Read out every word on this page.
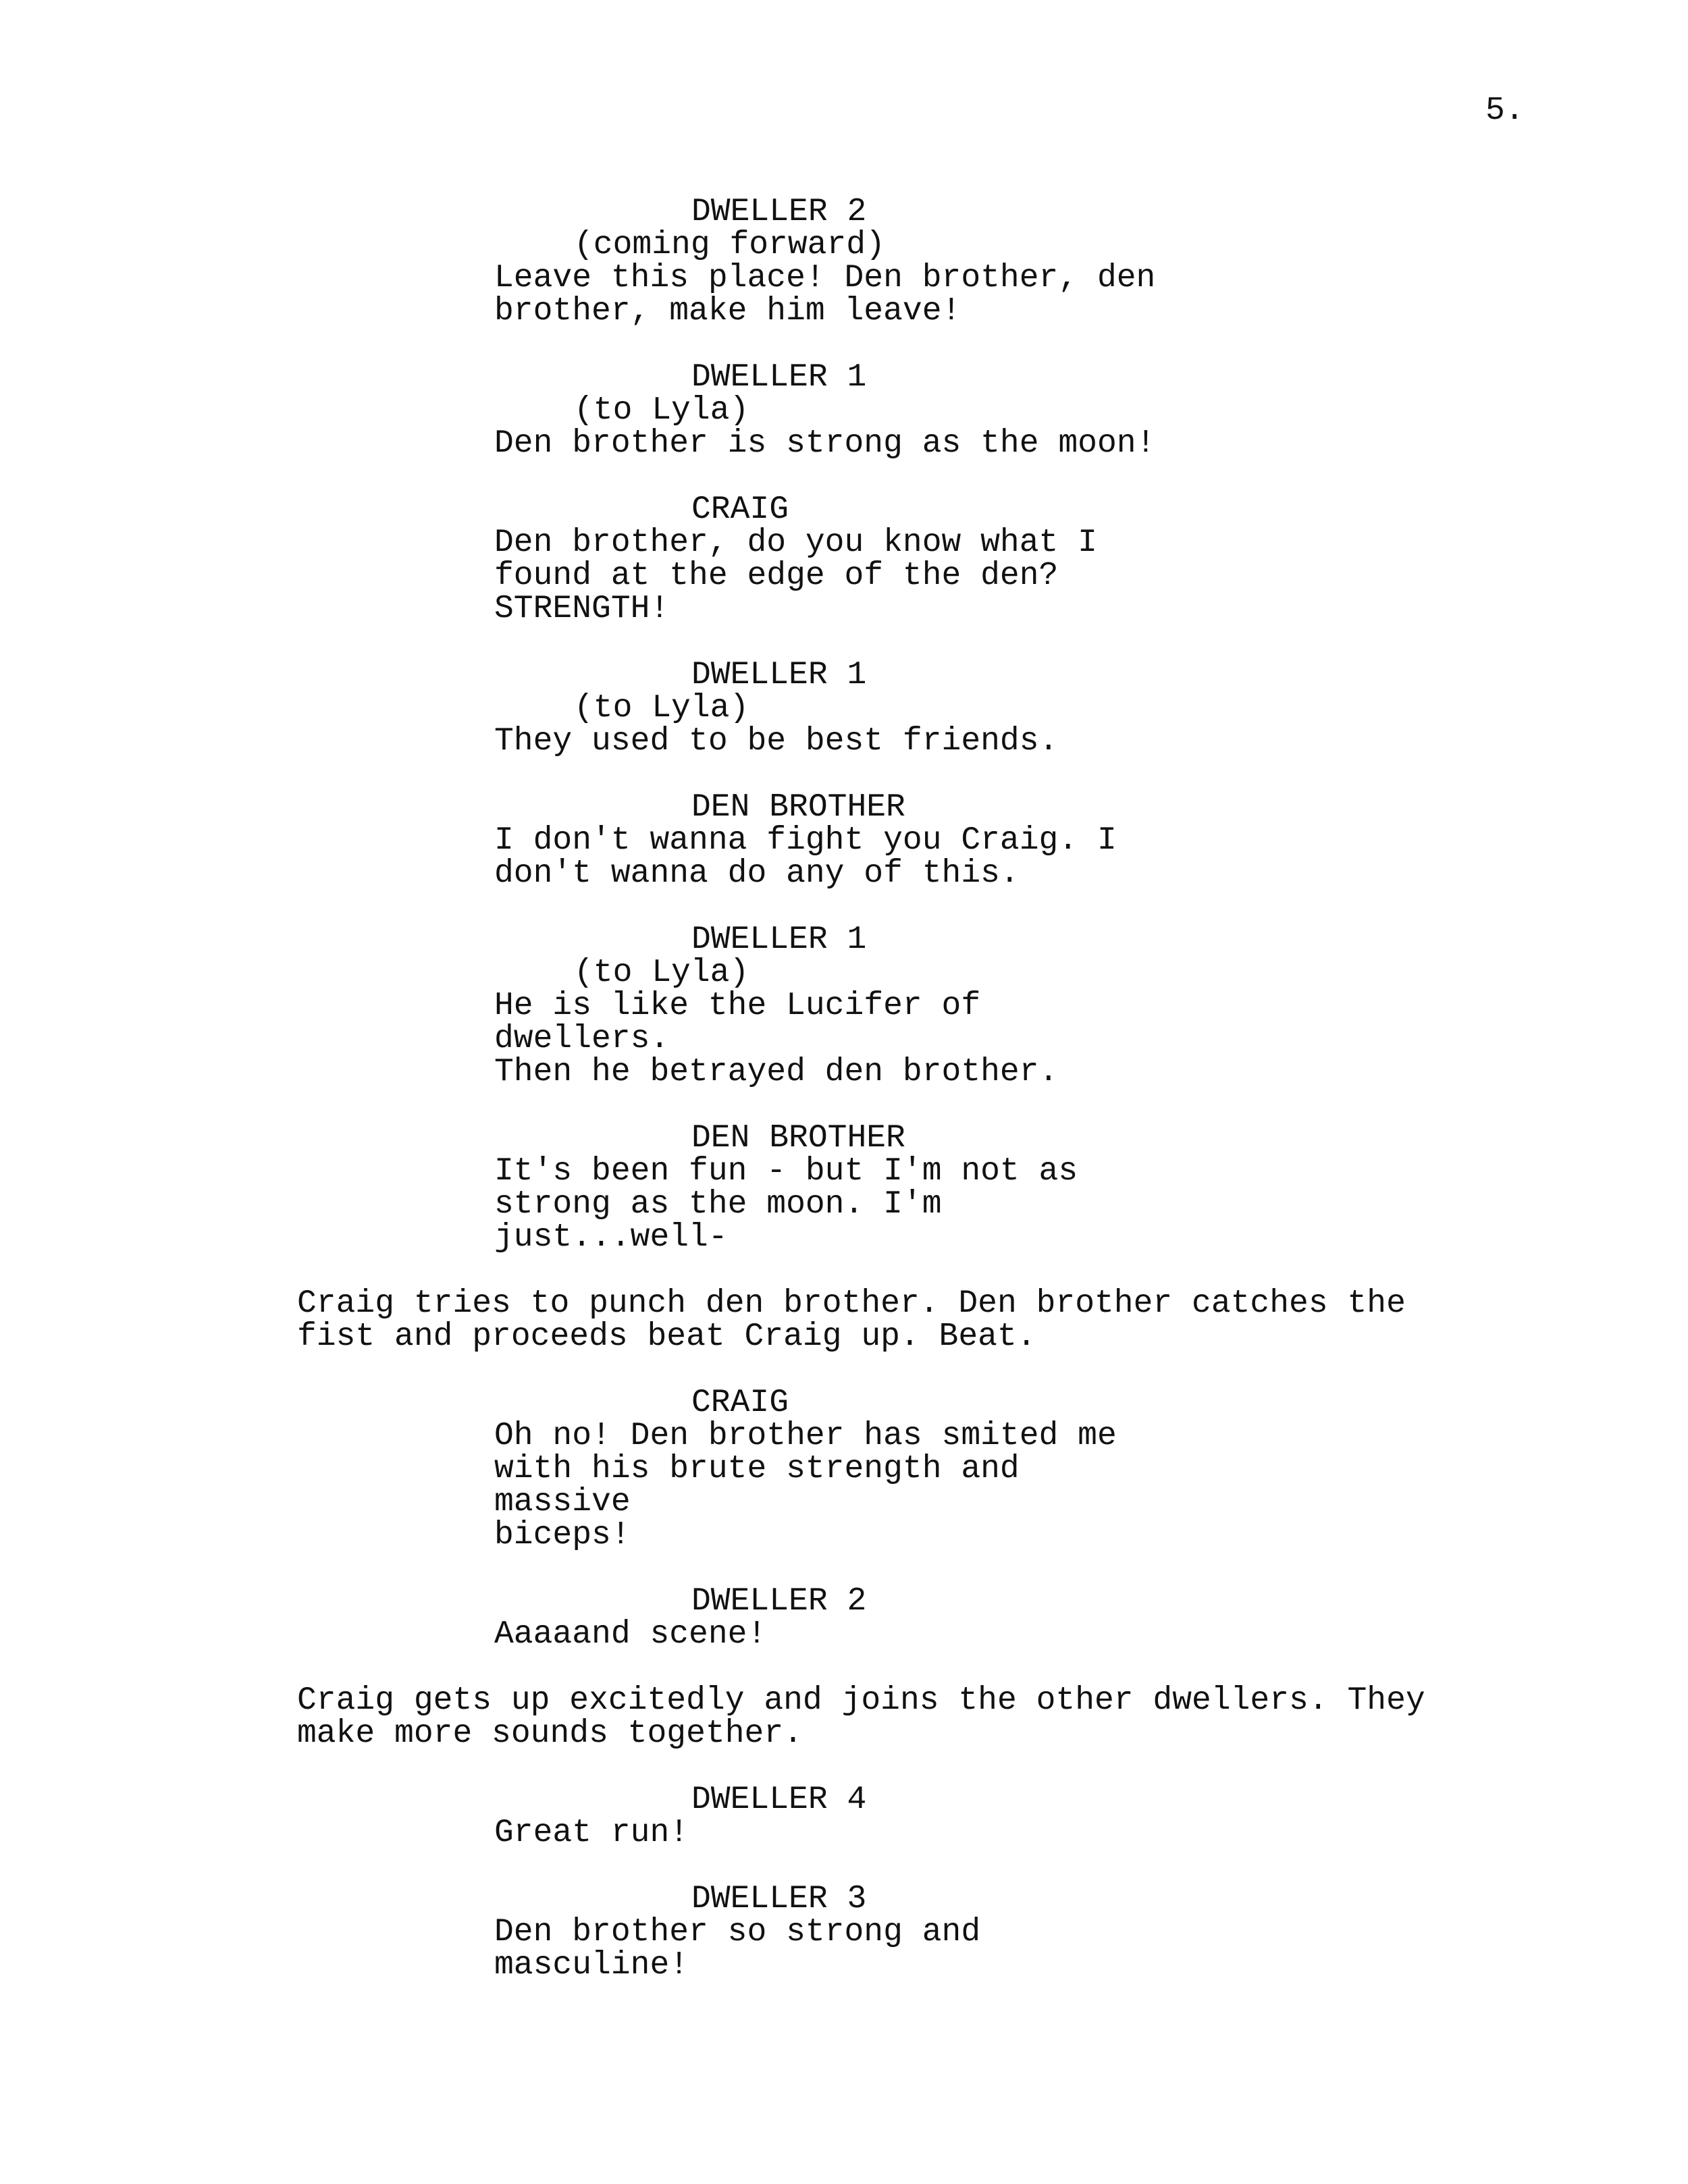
5.
DWELLER 2
(coming forward)
Leave this place! Den brother, den
brother, make him leave!
DWELLER 1
(to Lyla)
Den brother is strong as the moon!
CRAIG
Den brother, do you know what I
found at the edge of the den?
STRENGTH!
DWELLER 1
(to Lyla)
They used to be best friends.
DEN BROTHER
I don't wanna fight you Craig. I
don't wanna do any of this.
DWELLER 1
(to Lyla)
He is like the Lucifer of dwellers.
Then he betrayed den brother.
DEN BROTHER
It's been fun - but I'm not as
strong as the moon. I'm
just...well-
Craig tries to punch den brother. Den brother catches the
fist and proceeds beat Craig up. Beat.
CRAIG
Oh no! Den brother has smited me
with his brute strength and massive
biceps!
DWELLER 2
Aaaaand scene!
Craig gets up excitedly and joins the other dwellers. They
make more sounds together.
DWELLER 4
Great run!
DWELLER 3
Den brother so strong and
masculine!
